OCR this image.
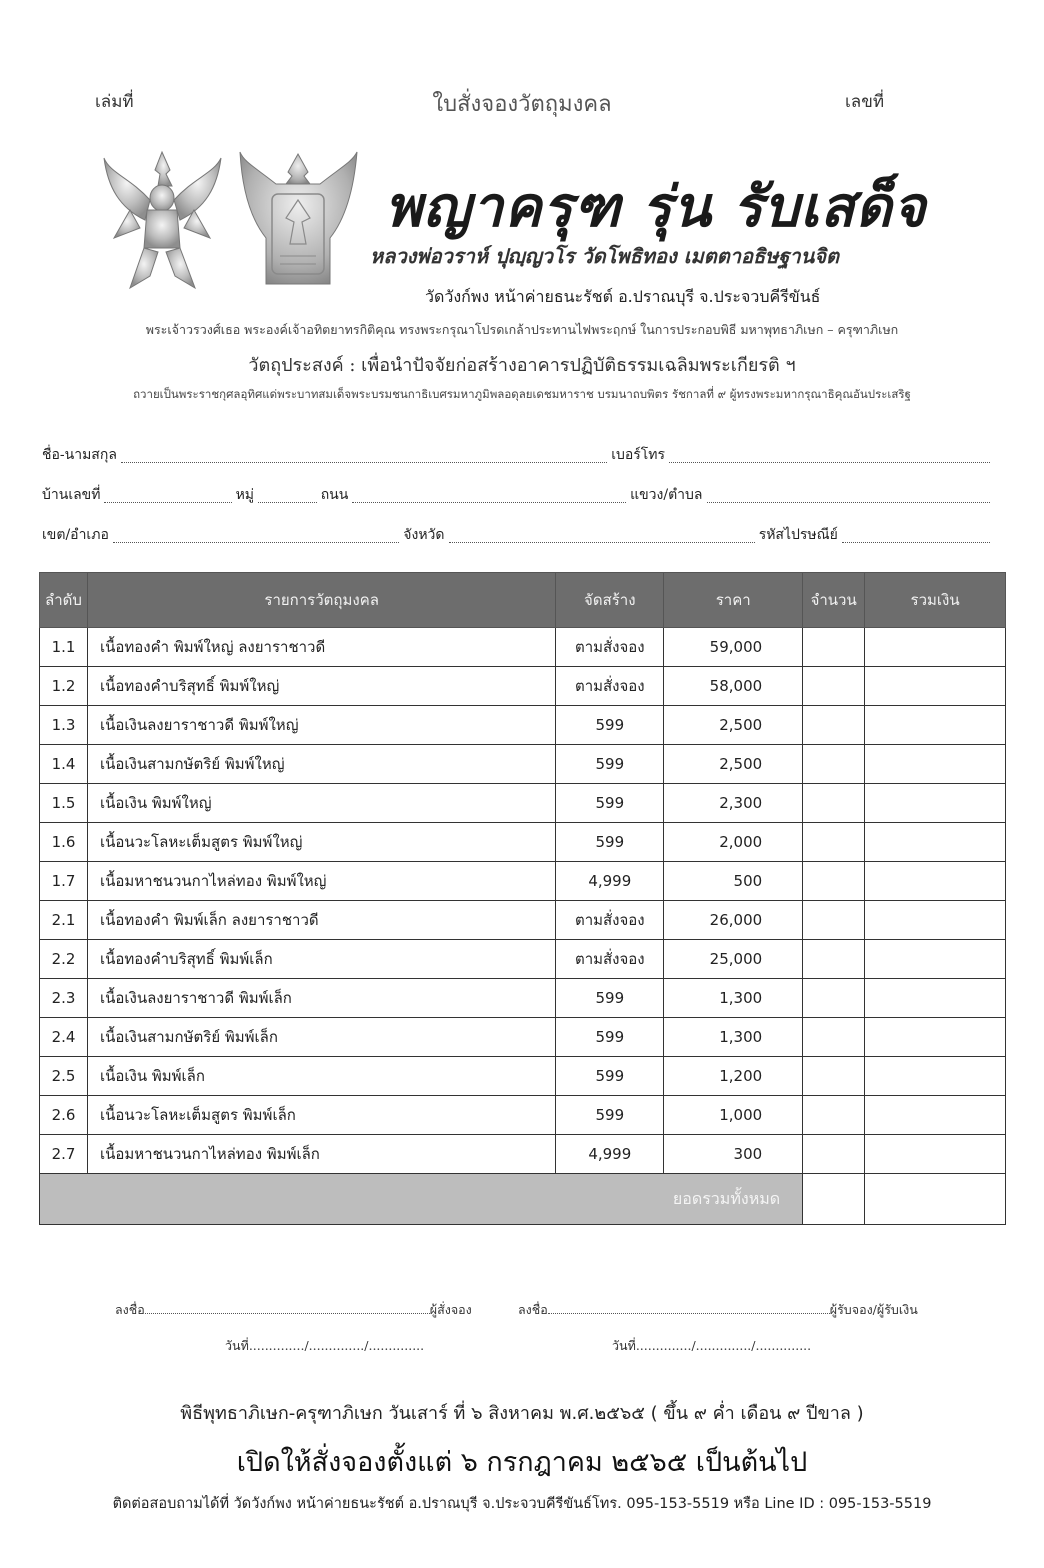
เล่มที่	ใบสั่งจองวัตถุมงคล	เลขที่
พญาครุฑ รุ่น รับเสด็จ
หลวงพ่อวราห์ ปุญฺญวโร วัดโพธิทอง เมตตาอธิษฐานจิต
วัดวังก์พง หน้าค่ายธนะรัชต์ อ.ปราณบุรี จ.ประจวบคีรีขันธ์
พระเจ้าวรวงศ์เธอ พระองค์เจ้าอทิตยาทรกิติคุณ ทรงพระกรุณาโปรดเกล้าประทานไฟพระฤกษ์ ในการประกอบพิธี มหาพุทธาภิเษก – ครุฑาภิเษก
วัตถุประสงค์ : เพื่อนำปัจจัยก่อสร้างอาคารปฏิบัติธรรมเฉลิมพระเกียรติ ฯ
ถวายเป็นพระราชกุศลอุทิศแด่พระบาทสมเด็จพระบรมชนกาธิเบศรมหาภูมิพลอดุลยเดชมหาราช บรมนาถบพิตร รัชกาลที่ ๙ ผู้ทรงพระมหากรุณาธิคุณอันประเสริฐ
ชื่อ-นามสกุล	เบอร์โทร
บ้านเลขที่	หมู่	ถนน	แขวง/ตำบล
เขต/อำเภอ	จังหวัด	รหัสไปรษณีย์
ลำดับ	รายการวัตถุมงคล	จัดสร้าง	ราคา	จำนวน	รวมเงิน
1.1	เนื้อทองคำ พิมพ์ใหญ่ ลงยาราชาวดี	ตามสั่งจอง	59,000		
1.2	เนื้อทองคำบริสุทธิ์ พิมพ์ใหญ่	ตามสั่งจอง	58,000		
1.3	เนื้อเงินลงยาราชาวดี พิมพ์ใหญ่	599	2,500		
1.4	เนื้อเงินสามกษัตริย์ พิมพ์ใหญ่	599	2,500		
1.5	เนื้อเงิน พิมพ์ใหญ่	599	2,300		
1.6	เนื้อนวะโลหะเต็มสูตร พิมพ์ใหญ่	599	2,000		
1.7	เนื้อมหาชนวนกาไหล่ทอง พิมพ์ใหญ่	4,999	500		
2.1	เนื้อทองคำ พิมพ์เล็ก ลงยาราชาวดี	ตามสั่งจอง	26,000		
2.2	เนื้อทองคำบริสุทธิ์ พิมพ์เล็ก	ตามสั่งจอง	25,000		
2.3	เนื้อเงินลงยาราชาวดี พิมพ์เล็ก	599	1,300		
2.4	เนื้อเงินสามกษัตริย์ พิมพ์เล็ก	599	1,300		
2.5	เนื้อเงิน พิมพ์เล็ก	599	1,200		
2.6	เนื้อนวะโลหะเต็มสูตร พิมพ์เล็ก	599	1,000		
2.7	เนื้อมหาชนวนกาไหล่ทอง พิมพ์เล็ก	4,999	300		
ยอดรวมทั้งหมด					
ลงชื่อ	ผู้สั่งจอง	ลงชื่อ	ผู้รับจอง/ผู้รับเงิน
วันที่............../............../..............	วันที่............../............../..............
พิธีพุทธาภิเษก-ครุฑาภิเษก วันเสาร์ ที่ ๖ สิงหาคม พ.ศ.๒๕๖๕ ( ขึ้น ๙ ค่ำ เดือน ๙ ปีขาล )
เปิดให้สั่งจองตั้งแต่ ๖ กรกฎาคม ๒๕๖๕ เป็นต้นไป
ติดต่อสอบถามได้ที่ วัดวังก์พง หน้าค่ายธนะรัชต์ อ.ปราณบุรี จ.ประจวบคีรีขันธ์โทร. 095-153-5519 หรือ Line ID : 095-153-5519
